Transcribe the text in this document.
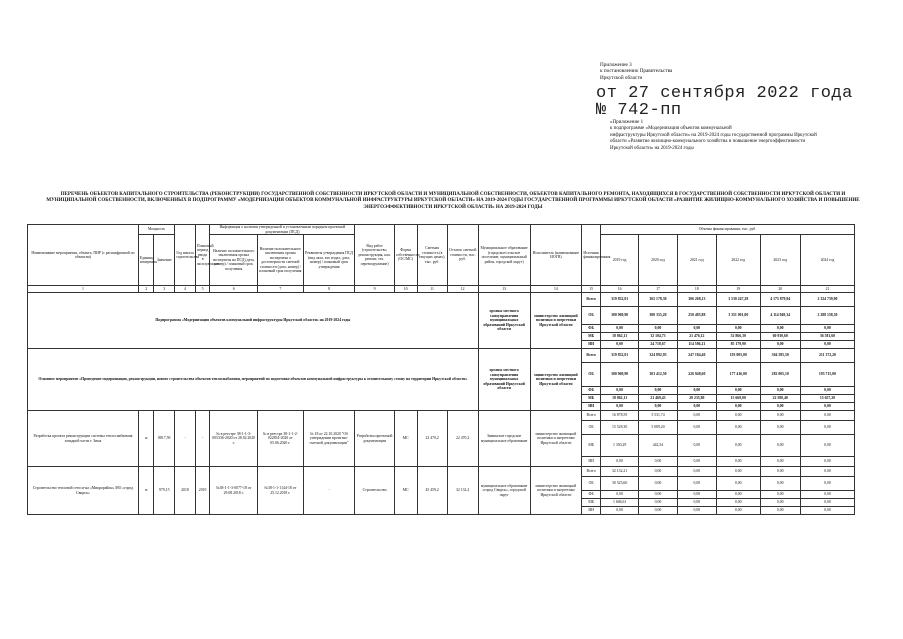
Приложение 3
к постановлению Правительства
Иркутской области
от 27 сентября 2022 года
№ 742-пп
«Приложение 1
к подпрограмме «Модернизация объектов коммунальной
инфраструктуры Иркутской области» на 2019-2024 годы государственной программы Иркутской
области «Развитие жилищно-коммунального хозяйства и повышение энергоэффективности
Иркутской области» на 2019-2024 годы
ПЕРЕЧЕНЬ ОБЪЕКТОВ КАПИТАЛЬНОГО СТРОИТЕЛЬСТВА (РЕКОНСТРУКЦИИ) ГОСУДАРСТВЕННОЙ СОБСТВЕННОСТИ ИРКУТСКОЙ ОБЛАСТИ И МУНИЦИПАЛЬНОЙ СОБСТВЕННОСТИ, ОБЪЕКТОВ КАПИТАЛЬНОГО РЕМОНТА, НАХОДЯЩИХСЯ В ГОСУДАРСТВЕННОЙ СОБСТВЕННОСТИ ИРКУТСКОЙ ОБЛАСТИ И
МУНИЦИПАЛЬНОЙ СОБСТВЕННОСТИ, ВКЛЮЧЕННЫХ В ПОДПРОГРАММУ «МОДЕРНИЗАЦИЯ ОБЪЕКТОВ КОММУНАЛЬНОЙ ИНФРАСТРУКТУРЫ ИРКУТСКОЙ ОБЛАСТИ» НА 2019-2024 ГОДЫ ГОСУДАРСТВЕННОЙ ПРОГРАММЫ ИРКУТСКОЙ ОБЛАСТИ «РАЗВИТИЕ ЖИЛИЩНО-КОММУНАЛЬНОГО ХОЗЯЙСТВА И ПОВЫШЕНИЕ
ЭНЕРГОЭФФЕКТИВНОСТИ ИРКУТСКОЙ ОБЛАСТИ» НА 2019-2024 ГОДЫ
Наименование мероприятия, объекта, ПИР (с расшифровкой по объектам)	Мощность		Год начала строительства	Плановый период ввода в эксплуатацию	Информация о наличии утвержденной и установленным порядком проектной документации (ПСД)			Вид работ (строительство, реконструкция, кап. ремонт, тех. перевооружение)	Форма собственности (ОС/МС)	Сметная стоимость (в текущих ценах), тыс. руб.	Остаток сметной стоимости, тыс. руб.	Муниципальное образование (городское/сельское поселение, муниципальный район, городской округ)	Исполнитель (наименование ИОГВ)	Источник финансирования	Объемы финансирования, тыс. руб.					
	Единица измерения	Значение			Наличие положительного заключения органа экспертизы на ПСД (дата, номер) / плановый срок получения	Наличие положительного заключения органа экспертизы о достоверности сметной стоимости (дата, номер) / плановый срок получения	Реквизиты утверждения ПСД (вид акта, кто издал, дата, номер) / плановый срок утверждения								2019 год	2020 год	2021 год	2022 год	2023 год	2024 год

1	2	3	4	5	6	7	8	9	10	11	12	13	14	15	16	17	18	19	20	21
Подпрограмма «Модернизация объектов коммунальной инфраструктуры Иркутской области» на 2019-2024 годы												органы местного самоуправления муниципальных образований Иркутской области	министерство жилищной политики и энергетики Иркутской области	Всего	319 832,01	365 178,30	306 268,13	3 530 247,28	4 175 879,94	2 324 739,90
														ОБ	300 969,90	300 355,20	250 485,88	3 351 001,00	4 114 949,34	2 288 158,30
														ФБ	0,00	0,00	0,00	0,00	0,00	0,00
														МБ	18 862,11	32 104,73	21 476,12	52 866,30	60 930,60	36 581,60
														ИИ	0,00	24 718,67	114 586,21	85 179,90	0,00	0,00
Основное мероприятие «Проведение модернизации, реконструкции, нового строительства объектов теплоснабжения, мероприятий по подготовке объектов коммунальной инфраструктуры к отопительному сезону на территории Иркутской области»												органы местного самоуправления муниципальных образований Иркутской области	министерство жилищной политики и энергетики Иркутской области	Всего	319 832,01	324 892,93	247 184,40	193 005,00	304 585,50	211 372,20
														ОБ	300 969,90	303 412,50	226 948,60	177 416,00	282 005,10	195 715,00
														ФБ	0,00	0,00	0,00	0,00	0,00	0,00
														МБ	18 862,11	21 469,43	20 235,80	15 669,00	22 580,40	15 657,20
														ИИ	0,00	0,00	0,00	0,00	0,00	0,00
Разработка проекта реконструкции системы теплоснабжения западной части г. Зима	м	8817,59	-	-	№ в реестре 38-1-1-3-005336-2020 от 28.02.2020 г.	№ в реестре 38-1-1-2-022854-2020 от 05.06.2020 г.	№ 18 от 22.10.2020 "Об утверждении проектно-сметной документации"	Разработка проектной документации	МС	22 470,2	22 470,2	Зиминское городское муниципальное образование	министерство жилищной политики и энергетики Иркутской области	Всего	16 878,59	5 531,74	0,00	0,00	0,00	0,00
														ОБ	15 528,30	5 089,20	0,00	0,00	0,00	0,00
														МБ	1 350,29	442,54	0,00	0,00	0,00	0,00
														ИИ	0,00	0,00	0,00	0,00	0,00	0,00
Строительство тепловой сети м-на «Микрорайон» МО «город Свирск»	м	979,15	2018	2019	№38-1-1-3-0077-18 от 29.08.2018 г.	№38-1-1-1144-18 от 25.12.2018 г.	-	Строительство	МС	45 459,2	32 132,2	муниципальное образование «город Свирск», городской округ	министерство жилищной политики и энергетики Иркутской области	Всего	32 132,21	0,00	0,00	0,00	0,00	0,00
														ОБ	30 525,60	0,00	0,00	0,00	0,00	0,00
														ФБ	0,00	0,00	0,00	0,00	0,00	0,00
														МБ	1 606,61	0,00	0,00	0,00	0,00	0,00
														ИИ	0,00	0,00	0,00	0,00	0,00	0,00
